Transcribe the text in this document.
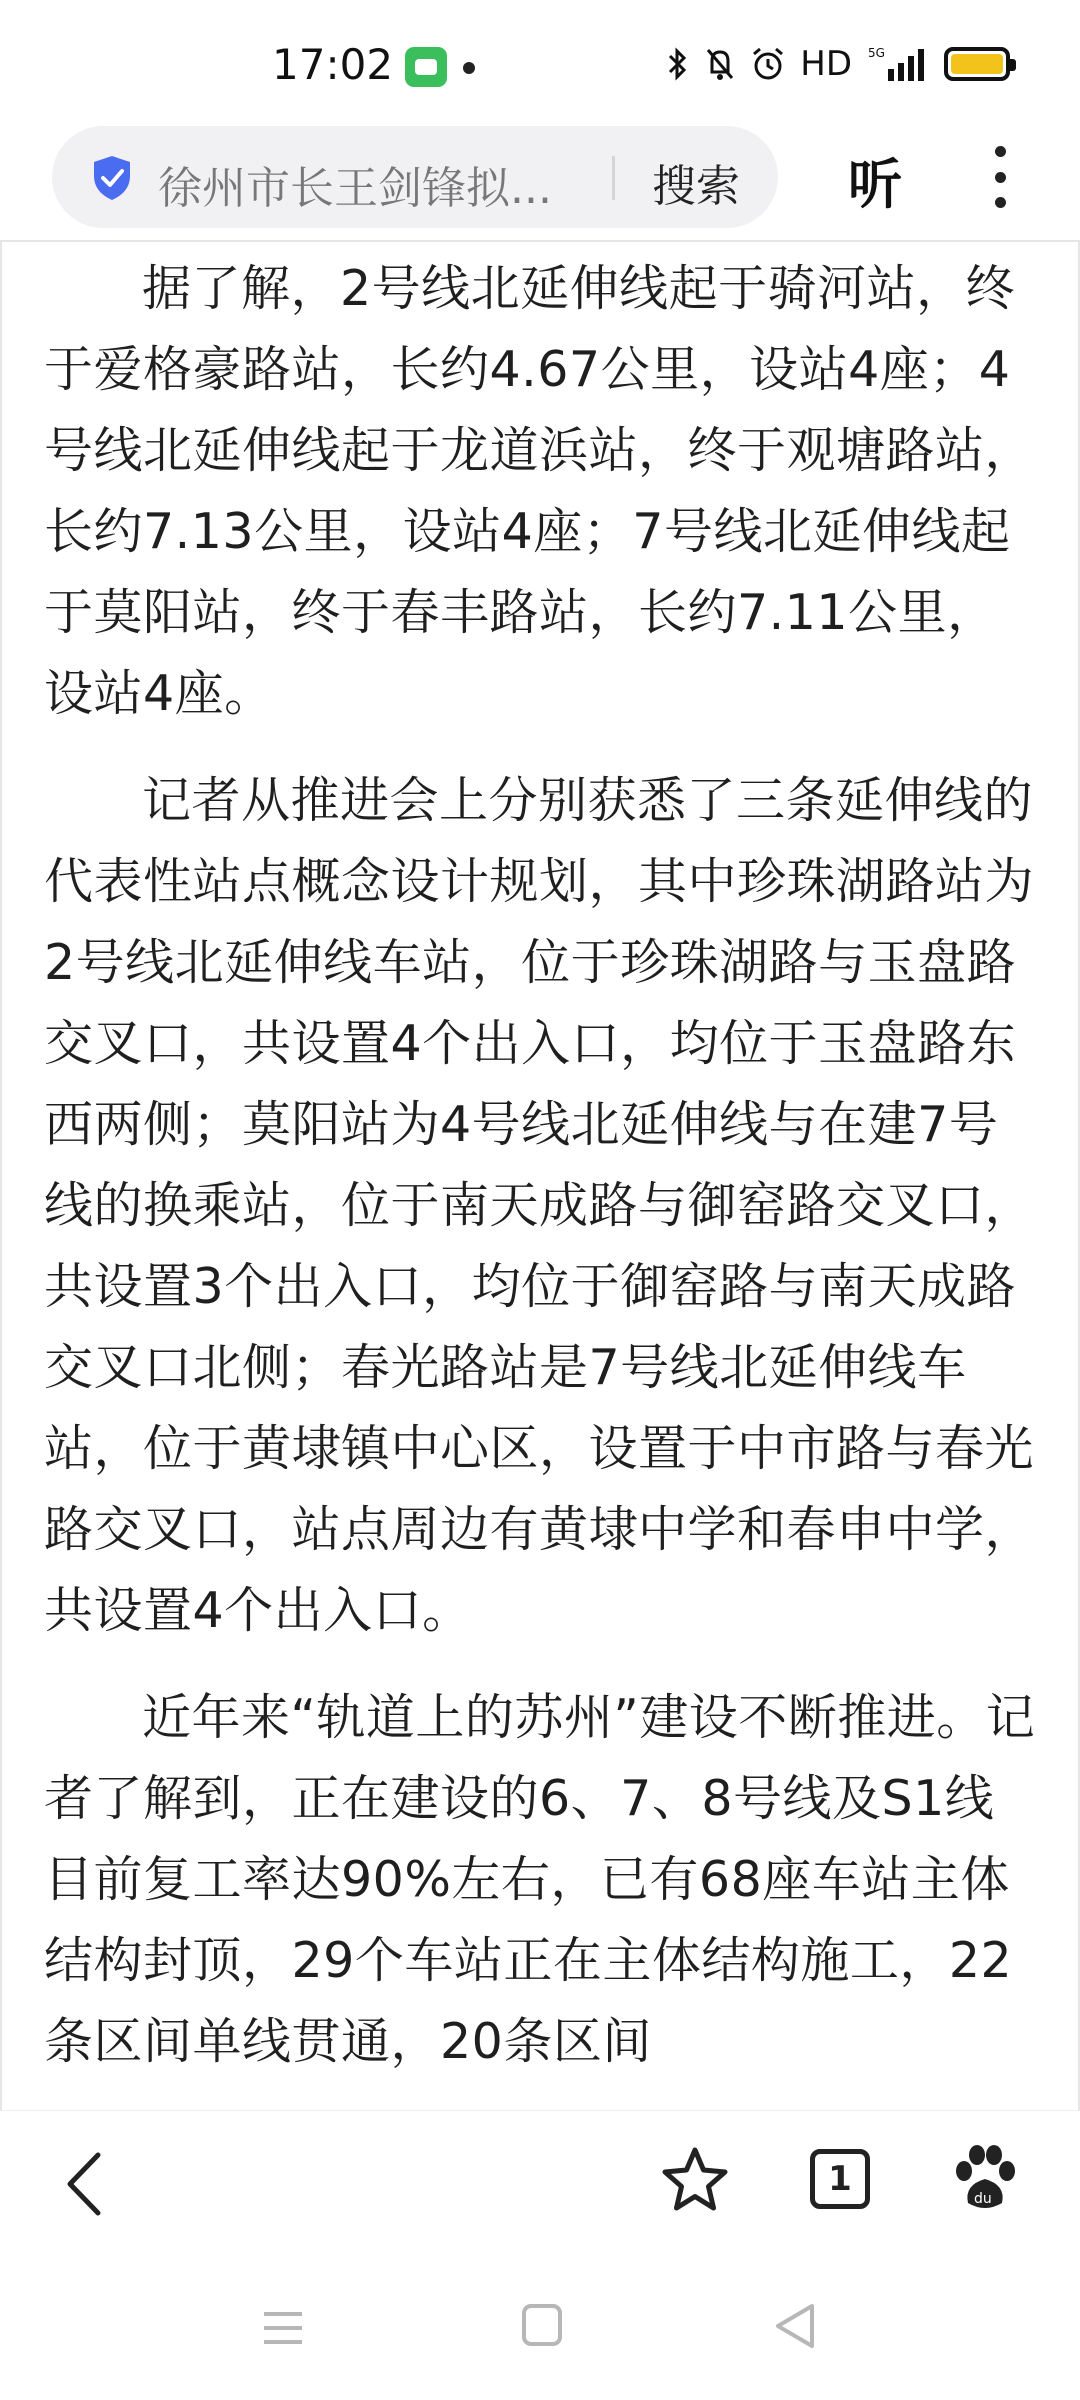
17:02	HD 5G
徐州市长王剑锋拟...	搜索 听

据了解，2号线北延伸线起于骑河站，终于爱格豪路站，长约4.67公里，设站4座；4号线北延伸线起于龙道浜站，终于观塘路站，长约7.13公里，设站4座；7号线北延伸线起于莫阳站，终于春丰路站，长约7.11公里，设站4座。

记者从推进会上分别获悉了三条延伸线的代表性站点概念设计规划，其中珍珠湖路站为2号线北延伸线车站，位于珍珠湖路与玉盘路交叉口，共设置4个出入口，均位于玉盘路东西两侧；莫阳站为4号线北延伸线与在建7号线的换乘站，位于南天成路与御窑路交叉口，共设置3个出入口，均位于御窑路与南天成路交叉口北侧；春光路站是7号线北延伸线车站，位于黄埭镇中心区，设置于中市路与春光路交叉口，站点周边有黄埭中学和春申中学，共设置4个出入口。

近年来“轨道上的苏州”建设不断推进。记者了解到，正在建设的6、7、8号线及S1线目前复工率达90%左右，已有68座车站主体结构封顶，29个车站正在主体结构施工，22条区间单线贯通，20条区间

1	du
